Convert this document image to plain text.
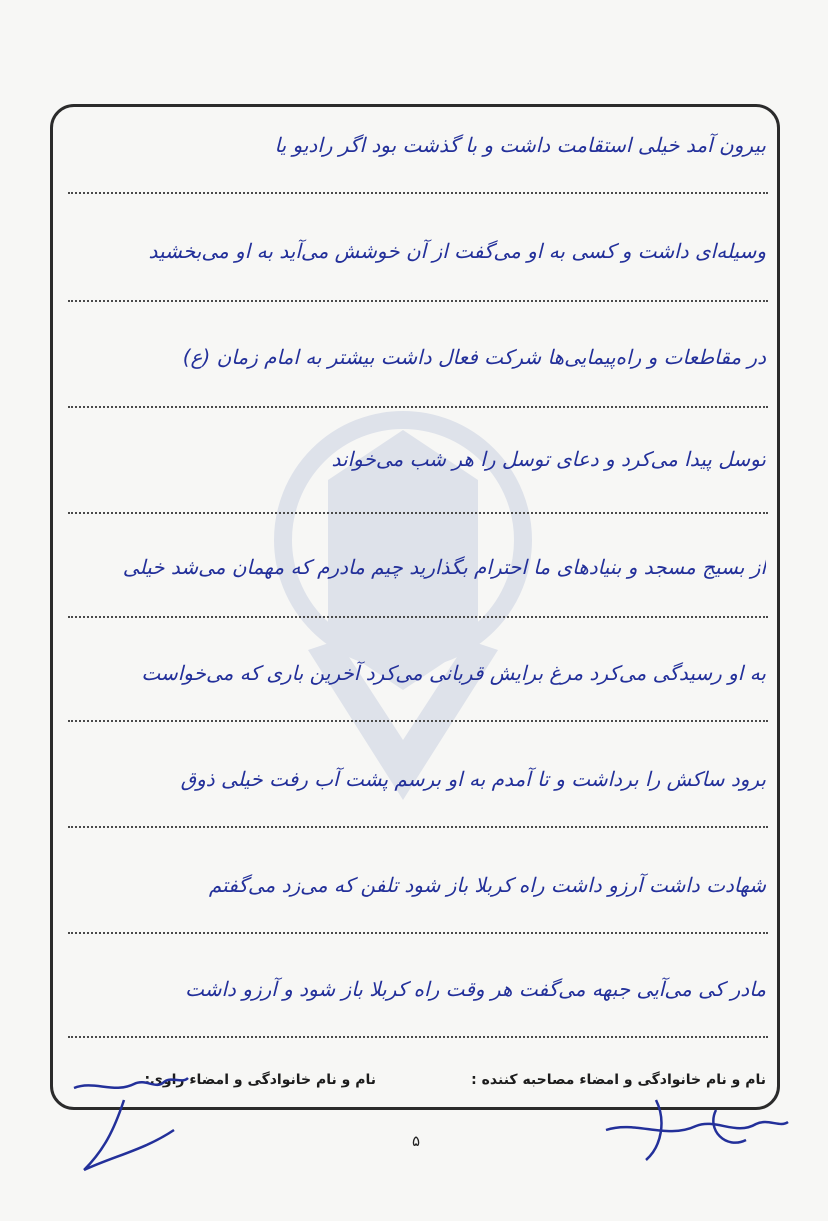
بیرون آمد خیلی استقامت داشت و با گذشت بود اگر رادیو یا
وسیله‌ای داشت و کسی به او می‌گفت از آن خوشش می‌آید به او می‌بخشید
در مقاطعات و راه‌پیمایی‌ها شرکت فعال داشت بیشتر به امام زمان (ع)
توسل پیدا می‌کرد و دعای توسل را هر شب می‌خواند
از بسیج مسجد و بنیادهای ما احترام بگذارید چیم مادرم که مهمان می‌شد خیلی
به او رسیدگی می‌کرد مرغ برایش قربانی می‌کرد آخرین باری که می‌خواست
برود ساکش را برداشت و تا آمدم به او برسم پشت آب رفت خیلی ذوق
شهادت داشت آرزو داشت راه کربلا باز شود تلفن که می‌زد می‌گفتم
مادر کی می‌آیی جبهه می‌گفت هر وقت راه کربلا باز شود و آرزو داشت
نام و نام خانوادگی و امضاء مصاحبه کننده :
نام و نام خانوادگی و امضاء راوی:
۵
